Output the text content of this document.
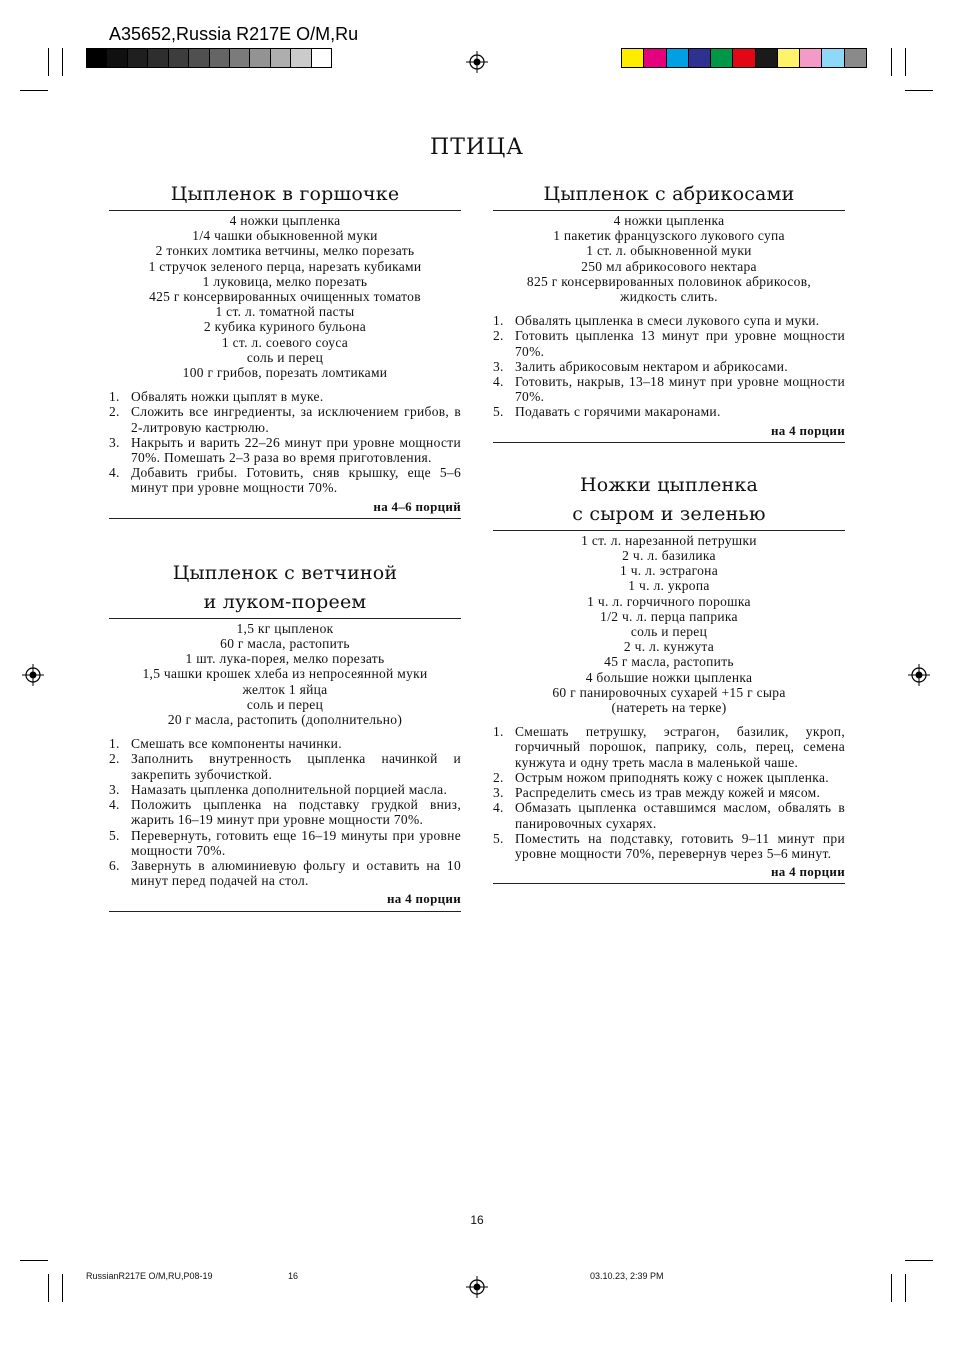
A35652,Russia R217E O/M,Ru
ПТИЦА
Цыпленок в горшочке
4 ножки цыпленка
1/4 чашки обыкновенной муки
2 тонких ломтика ветчины, мелко порезать
1 стручок зеленого перца, нарезать кубиками
1 луковица, мелко порезать
425 г консервированных очищенных томатов
1 ст. л. томатной пасты
2 кубика куриного бульона
1 ст. л. соевого соуса
соль и перец
100 г грибов, порезать ломтиками
1. Обвалять ножки цыплят в муке.
2. Сложить все ингредиенты, за исключением грибов, в 2-литровую кастрюлю.
3. Накрыть и варить 22–26 минут при уровне мощности 70%. Помешать 2–3 раза во время приготовления.
4. Добавить грибы. Готовить, сняв крышку, еще 5–6 минут при уровне мощности 70%.
на 4–6 порций
Цыпленок с ветчиной
и луком-пореем
1,5 кг цыпленок
60 г масла, растопить
1 шт. лука-порея, мелко порезать
1,5 чашки крошек хлеба из непросеянной муки
желток 1 яйца
соль и перец
20 г масла, растопить (дополнительно)
1. Смешать все компоненты начинки.
2. Заполнить внутренность цыпленка начинкой и закрепить зубочисткой.
3. Намазать цыпленка дополнительной порцией масла.
4. Положить цыпленка на подставку грудкой вниз, жарить 16–19 минут при уровне мощности 70%.
5. Перевернуть, готовить еще 16–19 минуты при уровне мощности 70%.
6. Завернуть в алюминиевую фольгу и оставить на 10 минут перед подачей на стол.
на 4 порции
Цыпленок с абрикосами
4 ножки цыпленка
1 пакетик французского лукового супа
1 ст. л. обыкновенной муки
250 мл абрикосового нектара
825 г консервированных половинок абрикосов,
жидкость слить.
1. Обвалять цыпленка в смеси лукового супа и муки.
2. Готовить цыпленка 13 минут при уровне мощности 70%.
3. Залить абрикосовым нектаром и абрикосами.
4. Готовить, накрыв, 13–18 минут при уровне мощности 70%.
5. Подавать с горячими макаронами.
на 4 порции
Ножки цыпленка
с сыром и зеленью
1 ст. л. нарезанной петрушки
2 ч. л. базилика
1 ч. л. эстрагона
1 ч. л. укропа
1 ч. л. горчичного порошка
1/2 ч. л. перца паприка
соль и перец
2 ч. л. кунжута
45 г масла, растопить
4 большие ножки цыпленка
60 г панировочных сухарей +15 г сыра
(натереть на терке)
1. Смешать петрушку, эстрагон, базилик, укроп, горчичный порошок, паприку, соль, перец, семена кунжута и одну треть масла в маленькой чаше.
2. Острым ножом приподнять кожу с ножек цыпленка.
3. Распределить смесь из трав между кожей и мясом.
4. Обмазать цыпленка оставшимся маслом, обвалять в панировочных сухарях.
5. Поместить на подставку, готовить 9–11 минут при уровне мощности 70%, перевернув через 5–6 минут.
на 4 порции
16
RussianR217E O/M,RU,P08-19	16	03.10.23, 2:39 PM
